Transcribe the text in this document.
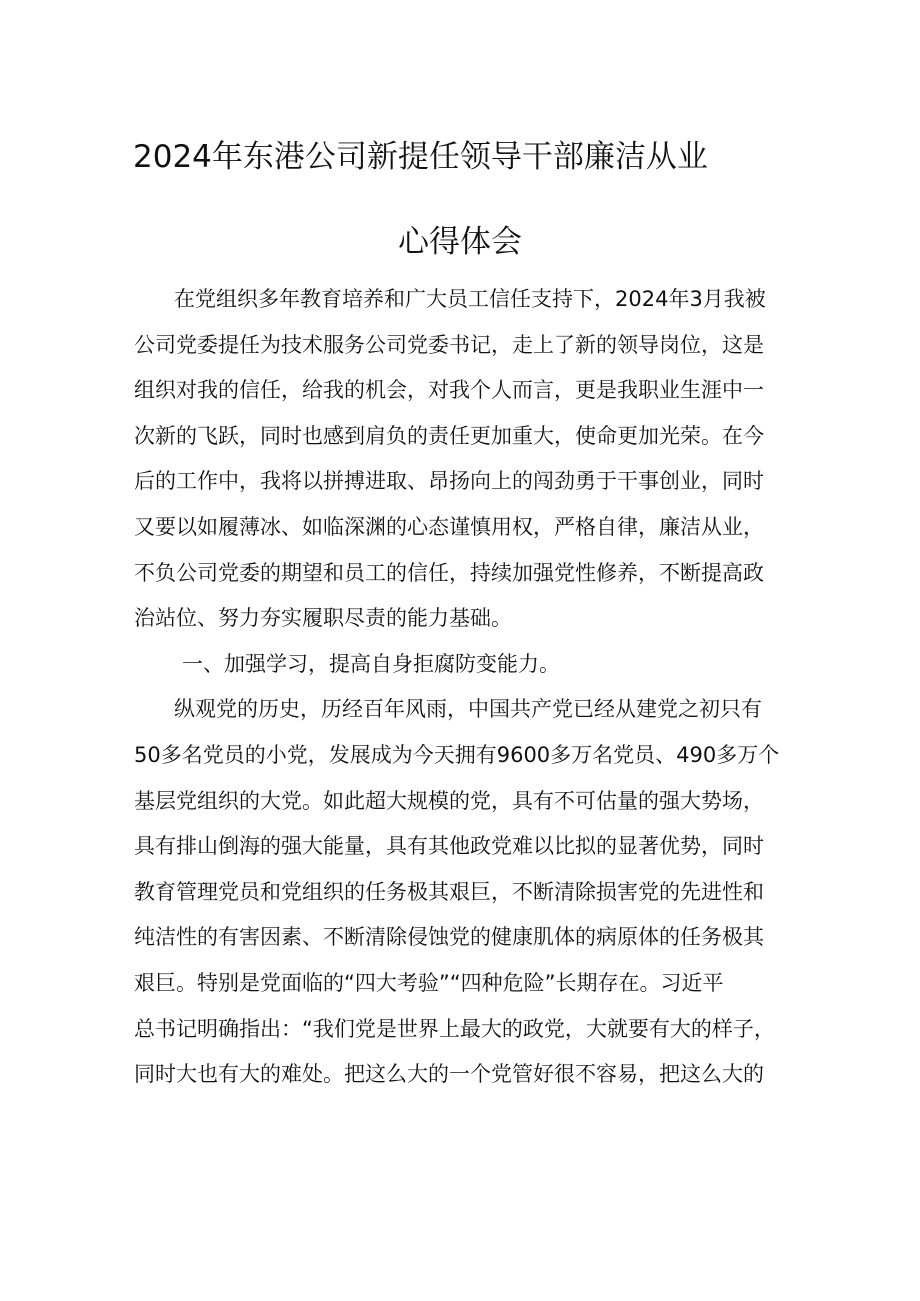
2024年东港公司新提任领导干部廉洁从业
心得体会
在党组织多年教育培养和广大员工信任支持下，2024年3月我被
公司党委提任为技术服务公司党委书记，走上了新的领导岗位，这是
组织对我的信任，给我的机会，对我个人而言，更是我职业生涯中一
次新的飞跃，同时也感到肩负的责任更加重大，使命更加光荣。在今
后的工作中，我将以拼搏进取、昂扬向上的闯劲勇于干事创业，同时
又要以如履薄冰、如临深渊的心态谨慎用权，严格自律，廉洁从业，
不负公司党委的期望和员工的信任，持续加强党性修养，不断提高政
治站位、努力夯实履职尽责的能力基础。
一、加强学习，提高自身拒腐防变能力。
纵观党的历史，历经百年风雨，中国共产党已经从建党之初只有
50多名党员的小党，发展成为今天拥有9600多万名党员、490多万个
基层党组织的大党。如此超大规模的党，具有不可估量的强大势场，
具有排山倒海的强大能量，具有其他政党难以比拟的显著优势，同时
教育管理党员和党组织的任务极其艰巨，不断清除损害党的先进性和
纯洁性的有害因素、不断清除侵蚀党的健康肌体的病原体的任务极其
艰巨。特别是党面临的“四大考验”“四种危险”长期存在。习近平
总书记明确指出：“我们党是世界上最大的政党，大就要有大的样子，
同时大也有大的难处。把这么大的一个党管好很不容易，把这么大的
